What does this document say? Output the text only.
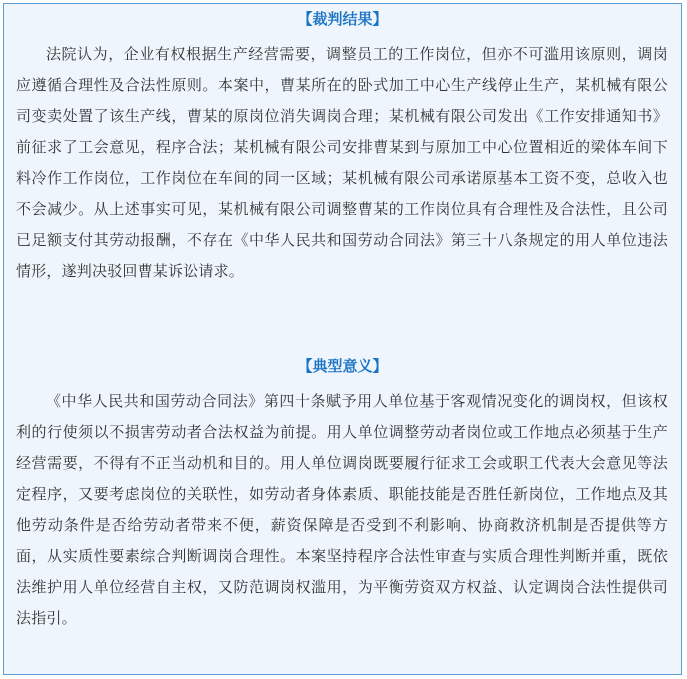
【裁判结果】

法院认为，企业有权根据生产经营需要，调整员工的工作岗位，但亦不可滥用该原则，调岗应遵循合理性及合法性原则。本案中，曹某所在的卧式加工中心生产线停止生产，某机械有限公司变卖处置了该生产线，曹某的原岗位消失调岗合理；某机械有限公司发出《工作安排通知书》前征求了工会意见，程序合法；某机械有限公司安排曹某到与原加工中心位置相近的梁体车间下料冷作工作岗位，工作岗位在车间的同一区域；某机械有限公司承诺原基本工资不变，总收入也不会减少。从上述事实可见，某机械有限公司调整曹某的工作岗位具有合理性及合法性，且公司已足额支付其劳动报酬，不存在《中华人民共和国劳动合同法》第三十八条规定的用人单位违法情形，遂判决驳回曹某诉讼请求。

【典型意义】

《中华人民共和国劳动合同法》第四十条赋予用人单位基于客观情况变化的调岗权，但该权利的行使须以不损害劳动者合法权益为前提。用人单位调整劳动者岗位或工作地点必须基于生产经营需要，不得有不正当动机和目的。用人单位调岗既要履行征求工会或职工代表大会意见等法定程序，又要考虑岗位的关联性，如劳动者身体素质、职能技能是否胜任新岗位，工作地点及其他劳动条件是否给劳动者带来不便，薪资保障是否受到不利影响、协商救济机制是否提供等方面，从实质性要素综合判断调岗合理性。本案坚持程序合法性审查与实质合理性判断并重，既依法维护用人单位经营自主权，又防范调岗权滥用，为平衡劳资双方权益、认定调岗合法性提供司法指引。
